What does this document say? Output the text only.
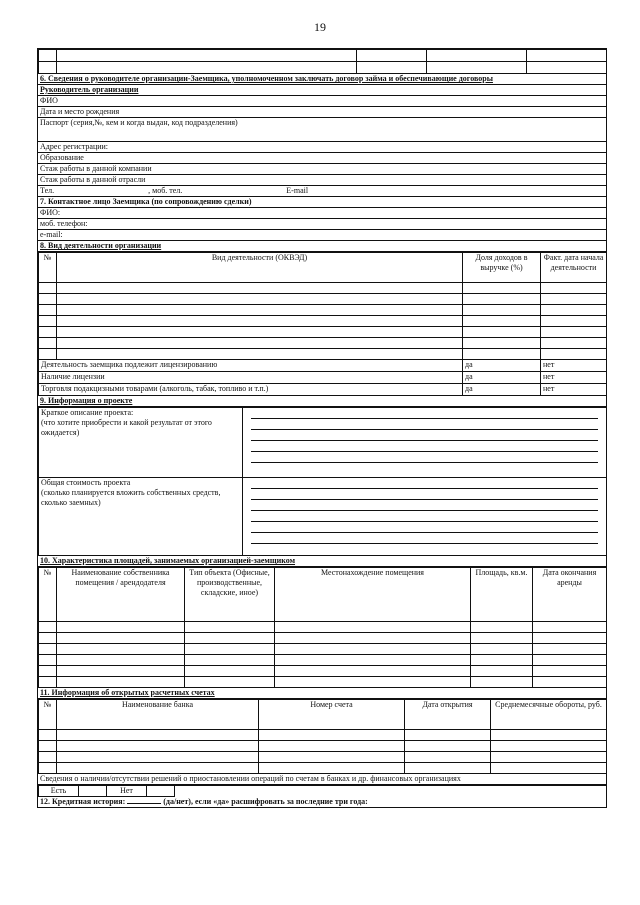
19

6. Сведения о руководителе организации-Заемщика, уполномоченном заключать договор займа и обеспечивающие договоры
Руководитель организации
ФИО
Дата и место рождения
Паспорт (серия,№, кем и когда выдан, код подразделения)
Адрес регистрации:
Образование
Стаж работы в данной компании
Стаж работы в данной отрасли
Тел.	, моб. тел.	E-mail
7. Контактное лицо Заемщика (по сопровождению сделки)
ФИО:
моб. телефон:
e-mail:
8. Вид деятельности организации
№	Вид деятельности (ОКВЭД)	Доля доходов в выручке (%)	Факт. дата начала деятельности

Деятельность заемщика подлежит лицензированию		да	нет
Наличие лицензии		да	нет
Торговля подакцизными товарами (алкоголь, табак, топливо и т.п.)		да	нет
9. Информация о проекте
Краткое описание проекта:
(что хотите приобрести и какой результат от этого ожидается)	

Общая стоимость проекта
(сколько планируется вложить собственных средств, сколько заемных)	
10. Характеристика площадей, занимаемых организацией-заемщиком
№	Наименование собственника помещения / арендодателя	Тип объекта (Офисные, производственные, складские, иное)	Местонахождение помещения	Площадь, кв.м.	Дата окончания аренды

11. Информация об открытых расчетных счетах
№	Наименование банка	Номер счета	Дата открытия	Среднемесячные обороты, руб.

Сведения о наличии/отсутствии решений о приостановлении операций по счетам в банках и др. финансовых организациях
Есть		Нет		
12. Кредитная история:	(да/нет), если «да» расшифровать за последние три года:
